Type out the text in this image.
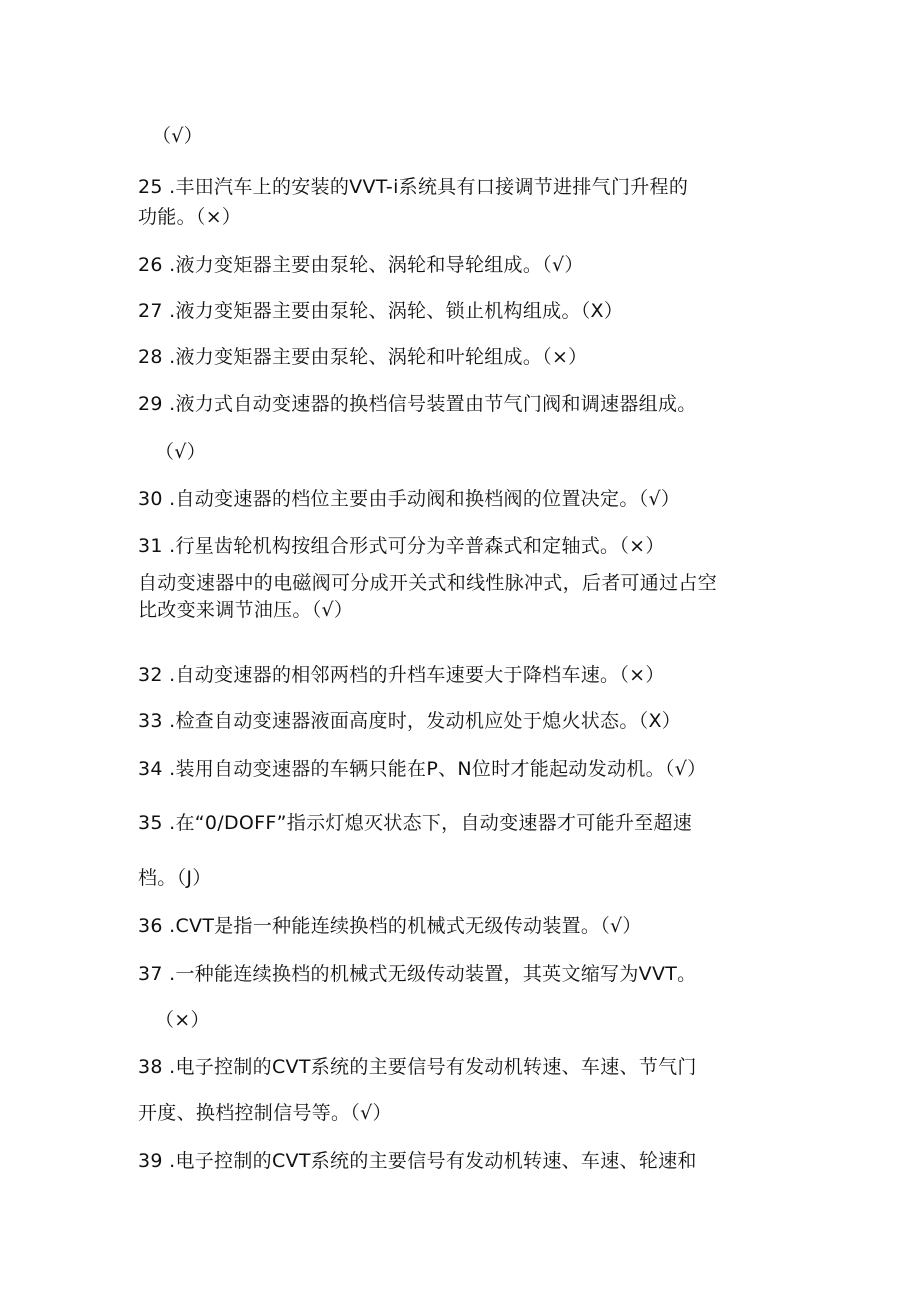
（√）
25 .丰田汽车上的安装的VVT-i系统具有口接调节进排气门升程的
功能。（×）
26 .液力变矩器主要由泵轮、涡轮和导轮组成。（√）
27 .液力变矩器主要由泵轮、涡轮、锁止机构组成。（X）
28 .液力变矩器主要由泵轮、涡轮和叶轮组成。（×）
29 .液力式自动变速器的换档信号装置由节气门阀和调速器组成。
（√）
30 .自动变速器的档位主要由手动阀和换档阀的位置决定。（√）
31 .行星齿轮机构按组合形式可分为辛普森式和定轴式。（×）
自动变速器中的电磁阀可分成开关式和线性脉冲式，后者可通过占空
比改变来调节油压。（√）
32 .自动变速器的相邻两档的升档车速要大于降档车速。（×）
33 .检查自动变速器液面高度时，发动机应处于熄火状态。（X）
34 .装用自动变速器的车辆只能在P、N位时才能起动发动机。（√）
35 .在“0/DOFF”指示灯熄灭状态下，自动变速器才可能升至超速
档。（J）
36 .CVT是指一种能连续换档的机械式无级传动装置。（√）
37 .一种能连续换档的机械式无级传动装置，其英文缩写为VVT。
（×）
38 .电子控制的CVT系统的主要信号有发动机转速、车速、节气门
开度、换档控制信号等。（√）
39 .电子控制的CVT系统的主要信号有发动机转速、车速、轮速和
